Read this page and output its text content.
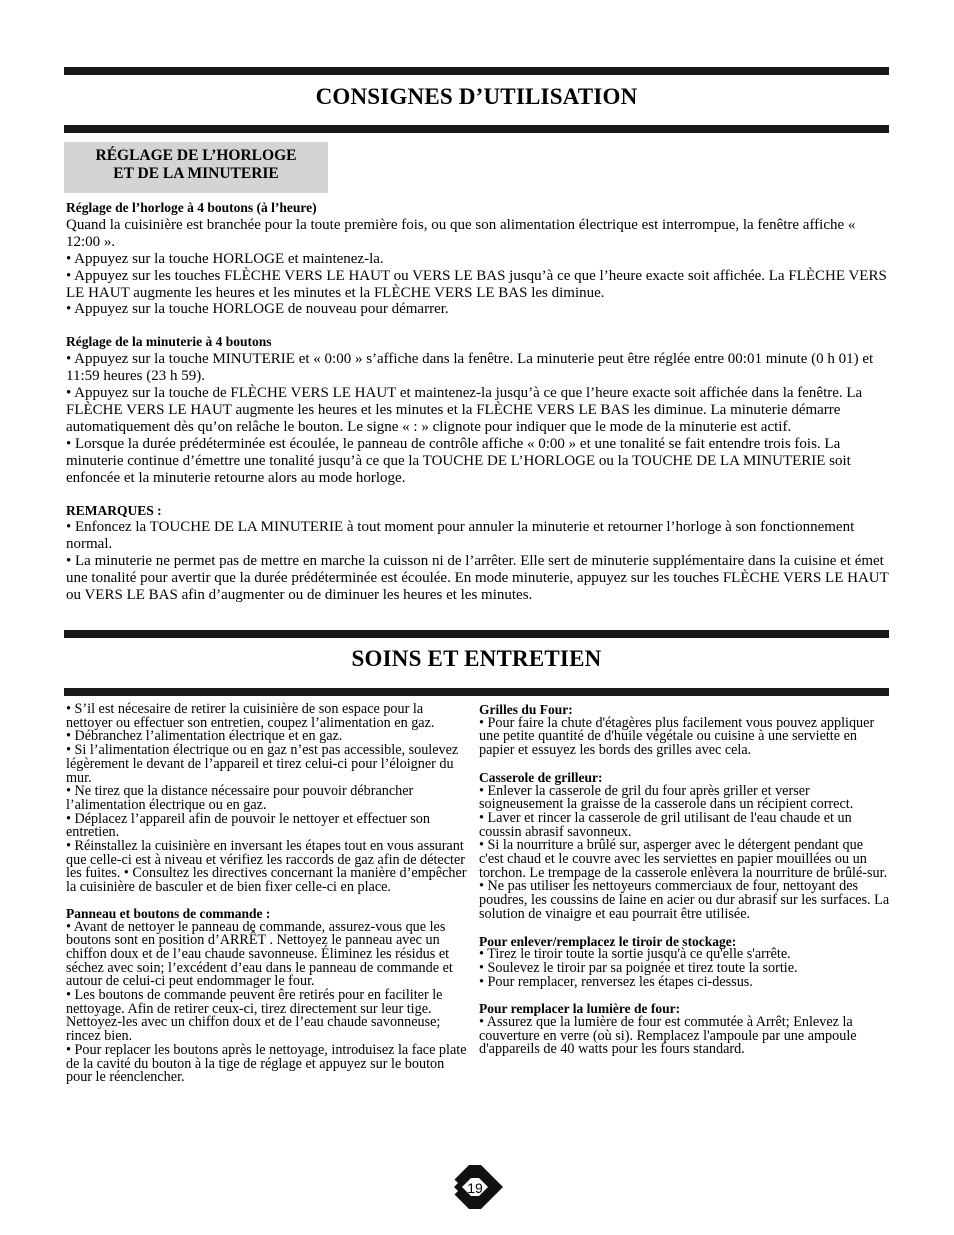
CONSIGNES D’UTILISATION
RÉGLAGE DE L’HORLOGE
ET DE LA MINUTERIE

Réglage de l’horloge à 4 boutons (à l’heure)

Quand la cuisinière est branchée pour la toute première fois, ou que son alimentation électrique est interrompue, la fenêtre affiche « 12:00 ».

• Appuyez sur la touche HORLOGE et maintenez-la.

• Appuyez sur les touches FLÈCHE VERS LE HAUT ou VERS LE BAS jusqu’à ce que l’heure exacte soit affichée. La FLÈCHE VERS LE HAUT augmente les heures et les minutes et la FLÈCHE VERS LE BAS les diminue.

• Appuyez sur la touche HORLOGE de nouveau pour démarrer.

Réglage de la minuterie à 4 boutons

• Appuyez sur la touche MINUTERIE et « 0:00 » s’affiche dans la fenêtre. La minuterie peut être réglée entre 00:01 minute (0 h 01) et 11:59 heures (23 h 59).

• Appuyez sur la touche de FLÈCHE VERS LE HAUT et maintenez-la jusqu’à ce que l’heure exacte soit affichée dans la fenêtre. La FLÈCHE VERS LE HAUT augmente les heures et les minutes et la FLÈCHE VERS LE BAS les diminue. La minuterie démarre automatiquement dès qu’on relâche le bouton. Le signe « : » clignote pour indiquer que le mode de la minuterie est actif.

• Lorsque la durée prédéterminée est écoulée, le panneau de contrôle affiche « 0:00 » et une tonalité se fait entendre trois fois. La minuterie continue d’émettre une tonalité jusqu’à ce que la TOUCHE DE L’HORLOGE ou la TOUCHE DE LA MINUTERIE soit enfoncée et la minuterie retourne alors au mode horloge.

REMARQUES :

• Enfoncez la TOUCHE DE LA MINUTERIE à tout moment pour annuler la minuterie et retourner l’horloge à son fonctionnement normal.

• La minuterie ne permet pas de mettre en marche la cuisson ni de l’arrêter. Elle sert de minuterie supplémentaire dans la cuisine et émet une tonalité pour avertir que la durée prédéterminée est écoulée. En mode minuterie, appuyez sur les touches FLÈCHE VERS LE HAUT ou VERS LE BAS afin d’augmenter ou de diminuer les heures et les minutes.

SOINS ET ENTRETIEN

• S’il est nécesaire de retirer la cuisinière de son espace pour la nettoyer ou effectuer son entretien, coupez l’alimentation en gaz.

• Débranchez l’alimentation électrique et en gaz.

• Si l’alimentation électrique ou en gaz n’est pas accessible, soulevez légèrement le devant de l’appareil et tirez celui-ci pour l’éloigner du mur.

• Ne tirez que la distance nécessaire pour pouvoir débrancher l’alimentation électrique ou en gaz.

• Déplacez l’appareil afin de pouvoir le nettoyer et effectuer son entretien.

• Réinstallez la cuisinière en inversant les étapes tout en vous assurant que celle-ci est à niveau et vérifiez les raccords de gaz afin de détecter les fuites. • Consultez les directives concernant la manière d’empêcher la cuisinière de basculer et de bien fixer celle-ci en place.

Panneau et boutons de commande :

• Avant de nettoyer le panneau de commande, assurez-vous que les boutons sont en position d’ARRÊT . Nettoyez le panneau avec un chiffon doux et de l’eau chaude savonneuse. Éliminez les résidus et séchez avec soin; l’excédent d’eau dans le panneau de commande et autour de celui-ci peut endommager le four.

• Les boutons de commande peuvent êre retirés pour en faciliter le nettoyage. Afin de retirer ceux-ci, tirez directement sur leur tige. Nettoyez-les avec un chiffon doux et de l’eau chaude savonneuse; rincez bien.

• Pour replacer les boutons après le nettoyage, introduisez la face plate de la cavité du bouton à la tige de réglage et appuyez sur le bouton pour le réenclencher.

Grilles du Four:

• Pour faire la chute d'étagères plus facilement vous pouvez appliquer une petite quantité de d'huile végétale ou cuisine à une serviette en papier et essuyez les bords des grilles avec cela.

Casserole de grilleur:

• Enlever la casserole de gril du four après griller et verser soigneusement la graisse de la casserole dans un récipient correct.

• Laver et rincer la casserole de gril utilisant de l'eau chaude et un coussin abrasif savonneux.

• Si la nourriture a brûlé sur, asperger avec le détergent pendant que c'est chaud et le couvre avec les serviettes en papier mouillées ou un torchon. Le trempage de la casserole enlèvera la nourriture de brûlé-sur.

• Ne pas utiliser les nettoyeurs commerciaux de four, nettoyant des poudres, les coussins de laine en acier ou dur abrasif sur les surfaces. La solution de vinaigre et eau pourrait être utilisée.

Pour enlever/remplacez le tiroir de stockage:

• Tirez le tiroir toute la sortie jusqu'à ce qu'elle s'arrête.

• Soulevez le tiroir par sa poignée et tirez toute la sortie.

• Pour remplacer, renversez les étapes ci-dessus.

Pour remplacer la lumière de four:

• Assurez que la lumière de four est commutée à Arrêt; Enlevez la couverture en verre (où si). Remplacez l'ampoule par une ampoule d'appareils de 40 watts pour les fours standard.

19
